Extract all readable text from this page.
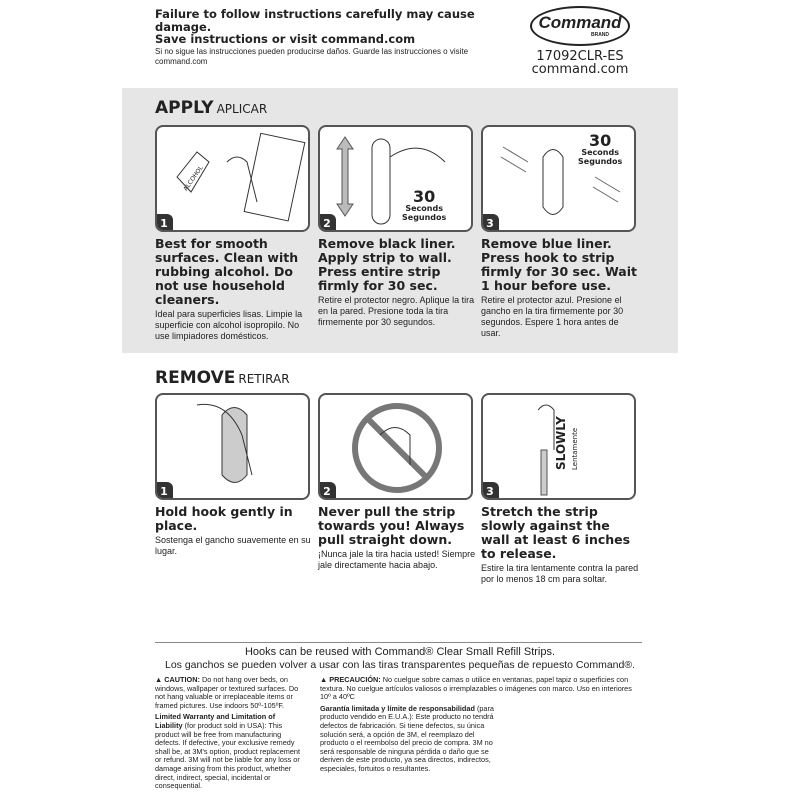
Failure to follow instructions carefully may cause damage.
Save instructions or visit command.com
Si no sigue las instrucciones pueden producirse daños. Guarde las instrucciones o visite command.com
Command
BRAND
17092CLR-ES
command.com
APPLY APLICAR
ALCOHOL
1
30
Seconds
Segundos
2
30
Seconds
Segundos
3
Best for smooth surfaces. Clean with rubbing alcohol. Do not use household cleaners.
Ideal para superficies lisas. Limpie la superficie con alcohol isopropilo. No use limpiadores domésticos.
Remove black liner. Apply strip to wall. Press entire strip firmly for 30 sec.
Retire el protector negro. Aplique la tira en la pared. Presione toda la tira firmemente por 30 segundos.
Remove blue liner. Press hook to strip firmly for 30 sec. Wait 1 hour before use.
Retire el protector azul. Presione el gancho en la tira firmemente por 30 segundos. Espere 1 hora antes de usar.
REMOVE RETIRAR
1	2
SLOWLY Lentamente
3
Hold hook gently in place.
Sostenga el gancho suavemente en su lugar.
Never pull the strip towards you! Always pull straight down.
¡Nunca jale la tira hacia usted! Siempre jale directamente hacia abajo.
Stretch the strip slowly against the wall at least 6 inches to release.
Estire la tira lentamente contra la pared por lo menos 18 cm para soltar.
Hooks can be reused with Command® Clear Small Refill Strips.
Los ganchos se pueden volver a usar con las tiras transparentes pequeñas de repuesto Command®.

▲ CAUTION: Do not hang over beds, on windows, wallpaper or textured surfaces. Do not hang valuable or irreplaceable items or framed pictures. Use indoors 50º-105ºF.

Limited Warranty and Limitation of Liability (for product sold in USA): This product will be free from manufacturing defects. If defective, your exclusive remedy shall be, at 3M's option, product replacement or refund. 3M will not be liable for any loss or damage arising from this product, whether direct, indirect, special, incidental or consequential.

▲ PRECAUCIÓN: No cuelgue sobre camas o utilice en ventanas, papel tapiz o superficies con textura. No cuelgue artículos valiosos o irremplazables o imágenes con marco. Uso en interiores 10º a 40ºC

Garantía limitada y límite de responsabilidad (para producto vendido en E.U.A.): Este producto no tendrá defectos de fabricación. Si tiene defectos, su única solución será, a opción de 3M, el reemplazo del producto o el reembolso del precio de compra. 3M no será responsable de ninguna pérdida o daño que se deriven de este producto, ya sea directos, indirectos, especiales, fortuitos o resultantes.
